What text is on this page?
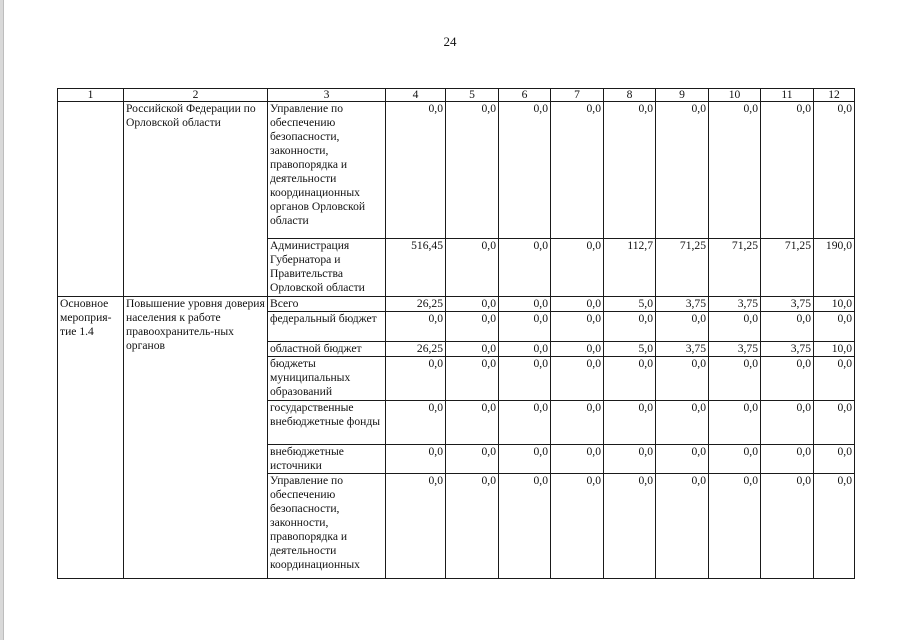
24
1	2	3	4	5	6	7	8	9	10	11	12
	Российской Федерации по Орловской области	Управление по обеспечению безопасности, законности, правопорядка и деятельности координационных органов Орловской области	0,0	0,0	0,0	0,0	0,0	0,0	0,0	0,0	0,0
		Администрация Губернатора и Правительства Орловской области	516,45	0,0	0,0	0,0	112,7	71,25	71,25	71,25	190,0
Основное мероприя-тие 1.4	Повышение уровня доверия населения к работе правоохранитель-ных органов	Всего	26,25	0,0	0,0	0,0	5,0	3,75	3,75	3,75	10,0
		федеральный бюджет	0,0	0,0	0,0	0,0	0,0	0,0	0,0	0,0	0,0
		областной бюджет	26,25	0,0	0,0	0,0	5,0	3,75	3,75	3,75	10,0
		бюджеты муниципальных образований	0,0	0,0	0,0	0,0	0,0	0,0	0,0	0,0	0,0
		государственные внебюджетные фонды	0,0	0,0	0,0	0,0	0,0	0,0	0,0	0,0	0,0
		внебюджетные источники	0,0	0,0	0,0	0,0	0,0	0,0	0,0	0,0	0,0
		Управление по обеспечению безопасности, законности, правопорядка и деятельности координационных	0,0	0,0	0,0	0,0	0,0	0,0	0,0	0,0	0,0
